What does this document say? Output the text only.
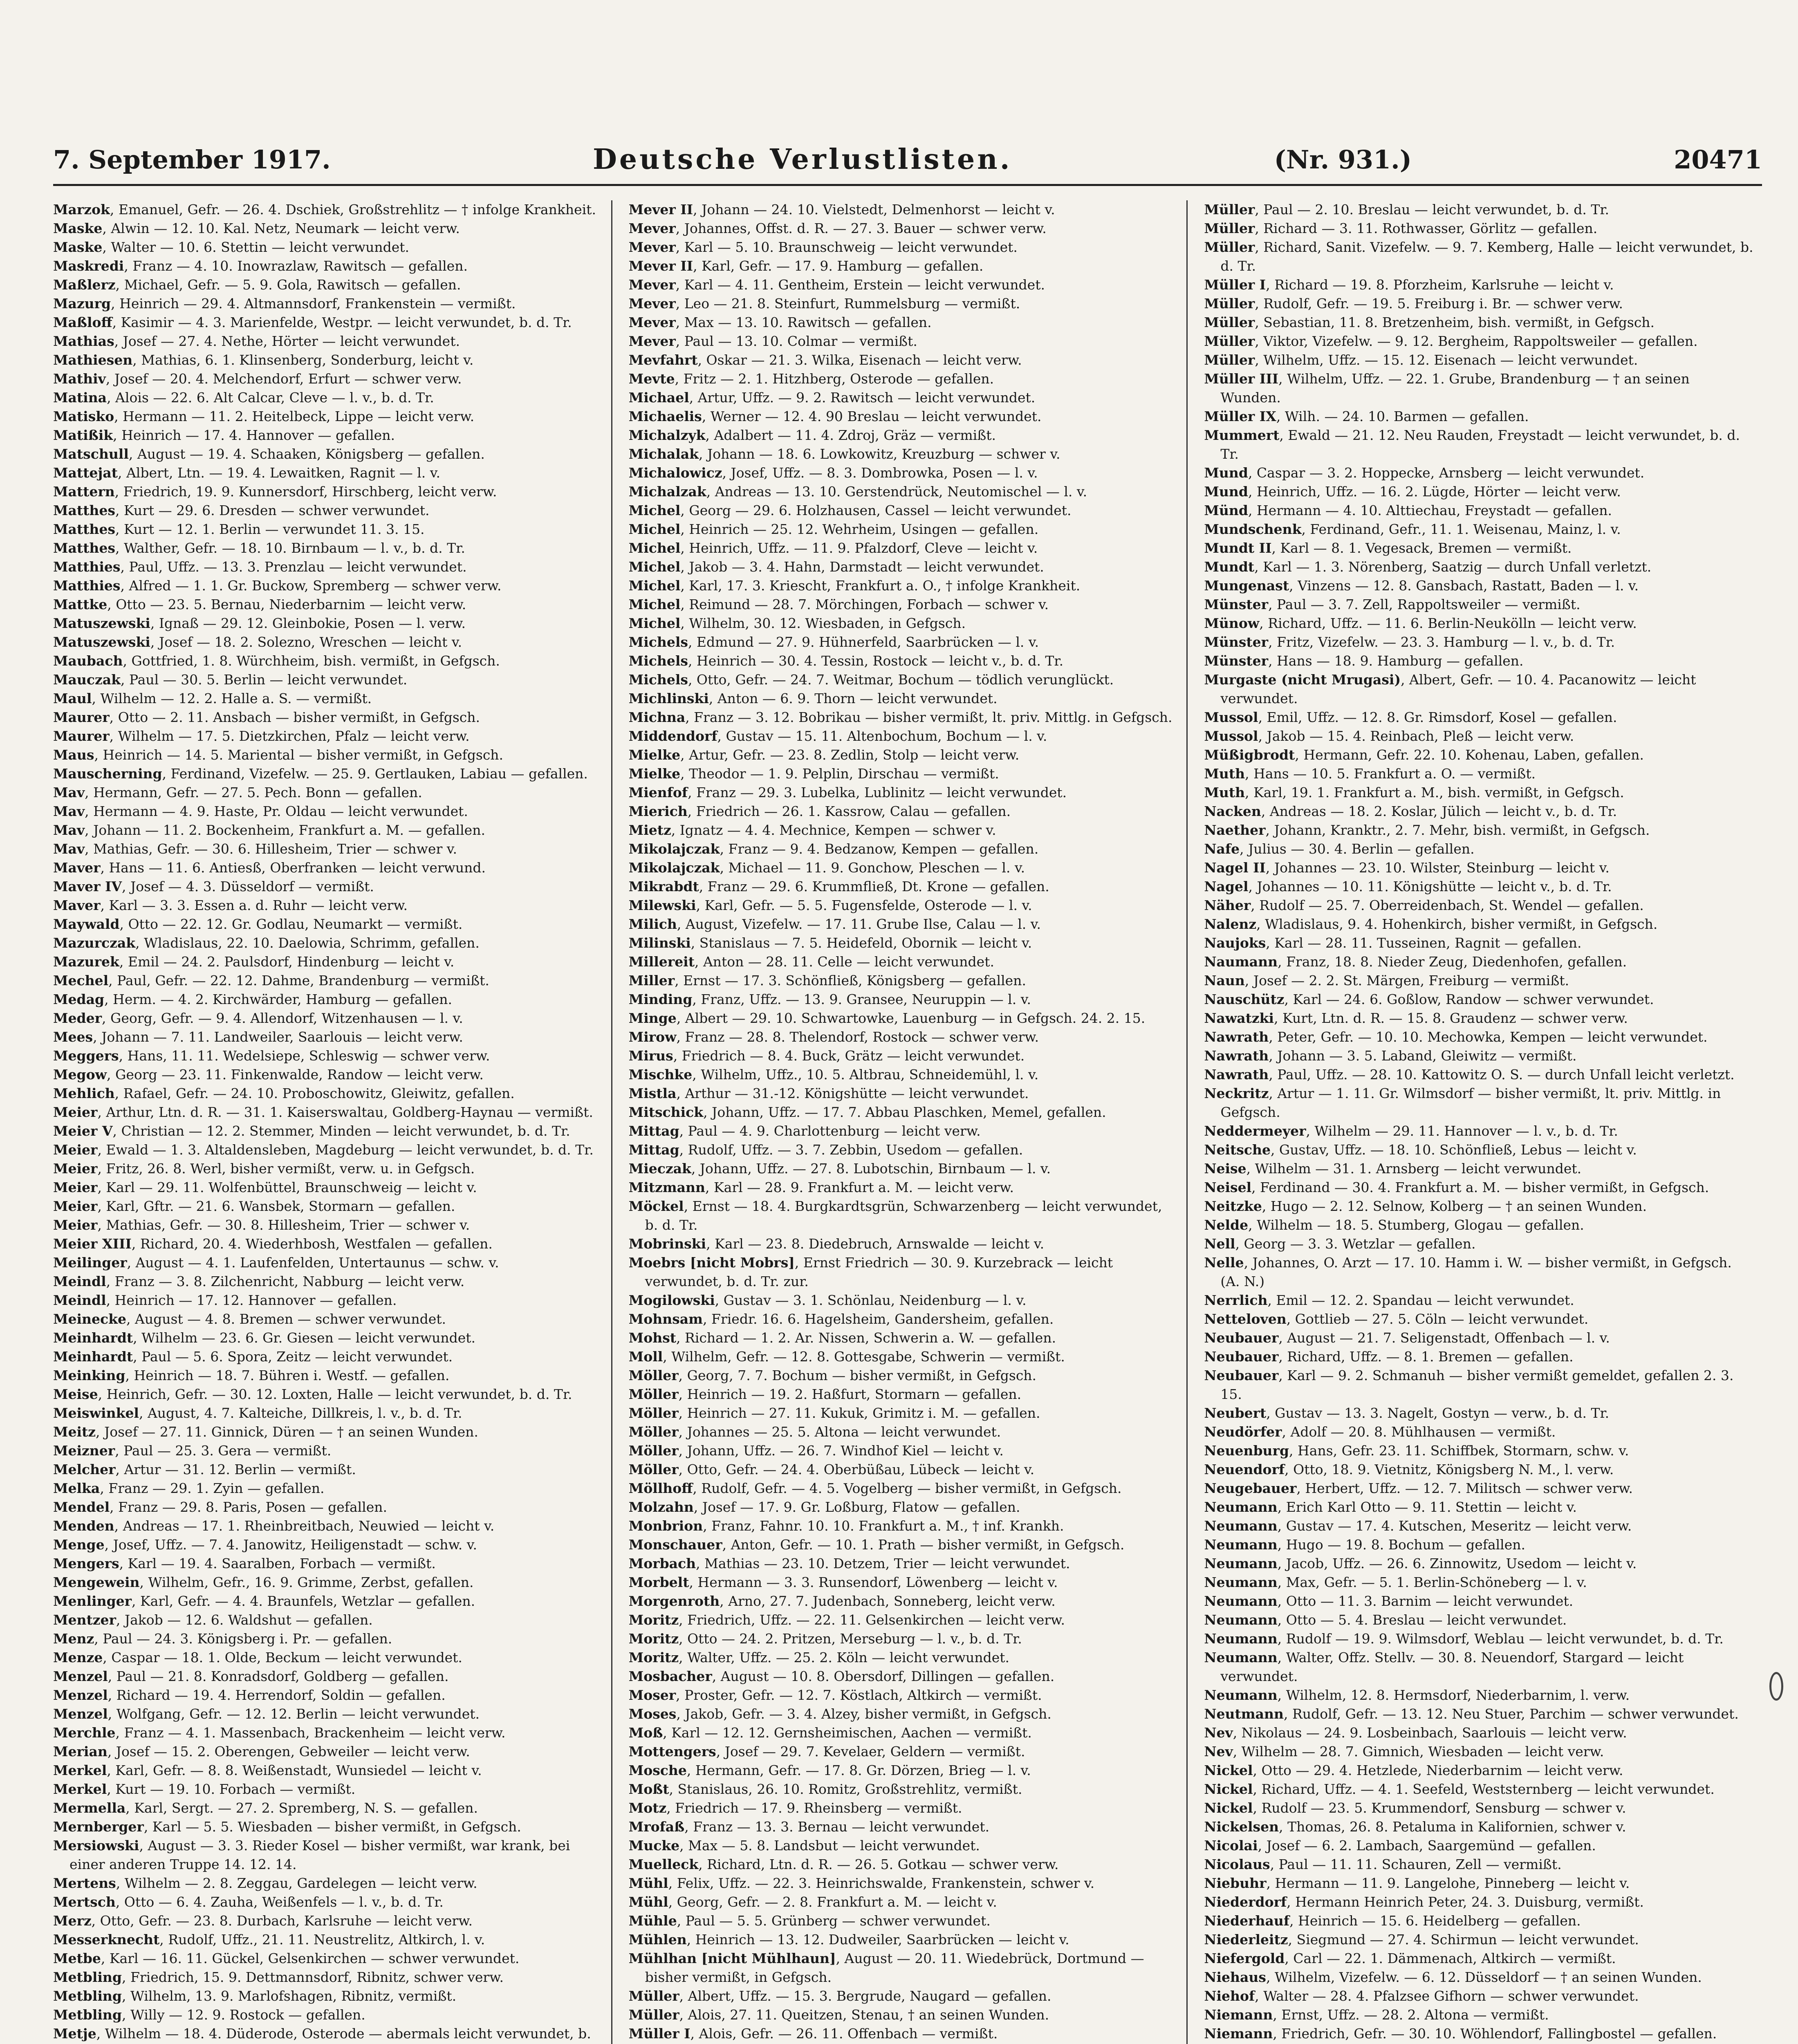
7. September 1917.	Deutsche Verlustlisten.	(Nr. 931.)	20471
Marzok, Emanuel, Gefr. — 26. 4. Dschiek, Großstrehlitz — † infolge Krankheit.
Maske, Alwin — 12. 10. Kal. Netz, Neumark — leicht verw.
Maske, Walter — 10. 6. Stettin — leicht verwundet.
Maskredi, Franz — 4. 10. Inowrazlaw, Rawitsch — gefallen.
Maßlerz, Michael, Gefr. — 5. 9. Gola, Rawitsch — gefallen.
Mazurg, Heinrich — 29. 4. Altmannsdorf, Frankenstein — vermißt.
Maßloff, Kasimir — 4. 3. Marienfelde, Westpr. — leicht verwundet, b. d. Tr.
Mathias, Josef — 27. 4. Nethe, Hörter — leicht verwundet.
Mathiesen, Mathias, 6. 1. Klinsenberg, Sonderburg, leicht v.
Mathiv, Josef — 20. 4. Melchendorf, Erfurt — schwer verw.
Matina, Alois — 22. 6. Alt Calcar, Cleve — l. v., b. d. Tr.
Matisko, Hermann — 11. 2. Heitelbeck, Lippe — leicht verw.
Matißik, Heinrich — 17. 4. Hannover — gefallen.
Matschull, August — 19. 4. Schaaken, Königsberg — gefallen.
Mattejat, Albert, Ltn. — 19. 4. Lewaitken, Ragnit — l. v.
Mattern, Friedrich, 19. 9. Kunnersdorf, Hirschberg, leicht verw.
Matthes, Kurt — 29. 6. Dresden — schwer verwundet.
Matthes, Kurt — 12. 1. Berlin — verwundet 11. 3. 15.
Matthes, Walther, Gefr. — 18. 10. Birnbaum — l. v., b. d. Tr.
Matthies, Paul, Uffz. — 13. 3. Prenzlau — leicht verwundet.
Matthies, Alfred — 1. 1. Gr. Buckow, Spremberg — schwer verw.
Mattke, Otto — 23. 5. Bernau, Niederbarnim — leicht verw.
Matuszewski, Ignaß — 29. 12. Gleinbokie, Posen — l. verw.
Matuszewski, Josef — 18. 2. Solezno, Wreschen — leicht v.
Maubach, Gottfried, 1. 8. Würchheim, bish. vermißt, in Gefgsch.
Mauczak, Paul — 30. 5. Berlin — leicht verwundet.
Maul, Wilhelm — 12. 2. Halle a. S. — vermißt.
Maurer, Otto — 2. 11. Ansbach — bisher vermißt, in Gefgsch.
Maurer, Wilhelm — 17. 5. Dietzkirchen, Pfalz — leicht verw.
Maus, Heinrich — 14. 5. Mariental — bisher vermißt, in Gefgsch.
Mauscherning, Ferdinand, Vizefelw. — 25. 9. Gertlauken, Labiau — gefallen.
Mav, Hermann, Gefr. — 27. 5. Pech. Bonn — gefallen.
Mav, Hermann — 4. 9. Haste, Pr. Oldau — leicht verwundet.
Mav, Johann — 11. 2. Bockenheim, Frankfurt a. M. — gefallen.
Mav, Mathias, Gefr. — 30. 6. Hillesheim, Trier — schwer v.
Maver, Hans — 11. 6. Antiesß, Oberfranken — leicht verwund.
Maver IV, Josef — 4. 3. Düsseldorf — vermißt.
Maver, Karl — 3. 3. Essen a. d. Ruhr — leicht verw.
Maywald, Otto — 22. 12. Gr. Godlau, Neumarkt — vermißt.
Mazurczak, Wladislaus, 22. 10. Daelowia, Schrimm, gefallen.
Mazurek, Emil — 24. 2. Paulsdorf, Hindenburg — leicht v.
Mechel, Paul, Gefr. — 22. 12. Dahme, Brandenburg — vermißt.
Medag, Herm. — 4. 2. Kirchwärder, Hamburg — gefallen.
Meder, Georg, Gefr. — 9. 4. Allendorf, Witzenhausen — l. v.
Mees, Johann — 7. 11. Landweiler, Saarlouis — leicht verw.
Meggers, Hans, 11. 11. Wedelsiepe, Schleswig — schwer verw.
Megow, Georg — 23. 11. Finkenwalde, Randow — leicht verw.
Mehlich, Rafael, Gefr. — 24. 10. Proboschowitz, Gleiwitz, gefallen.
Meier, Arthur, Ltn. d. R. — 31. 1. Kaiserswaltau, Goldberg-Haynau — vermißt.
Meier V, Christian — 12. 2. Stemmer, Minden — leicht verwundet, b. d. Tr.
Meier, Ewald — 1. 3. Altaldensleben, Magdeburg — leicht verwundet, b. d. Tr.
Meier, Fritz, 26. 8. Werl, bisher vermißt, verw. u. in Gefgsch.
Meier, Karl — 29. 11. Wolfenbüttel, Braunschweig — leicht v.
Meier, Karl, Gftr. — 21. 6. Wansbek, Stormarn — gefallen.
Meier, Mathias, Gefr. — 30. 8. Hillesheim, Trier — schwer v.
Meier XIII, Richard, 20. 4. Wiederhbosh, Westfalen — gefallen.
Meilinger, August — 4. 1. Laufenfelden, Untertaunus — schw. v.
Meindl, Franz — 3. 8. Zilchenricht, Nabburg — leicht verw.
Meindl, Heinrich — 17. 12. Hannover — gefallen.
Meinecke, August — 4. 8. Bremen — schwer verwundet.
Meinhardt, Wilhelm — 23. 6. Gr. Giesen — leicht verwundet.
Meinhardt, Paul — 5. 6. Spora, Zeitz — leicht verwundet.
Meinking, Heinrich — 18. 7. Bühren i. Westf. — gefallen.
Meise, Heinrich, Gefr. — 30. 12. Loxten, Halle — leicht verwundet, b. d. Tr.
Meiswinkel, August, 4. 7. Kalteiche, Dillkreis, l. v., b. d. Tr.
Meitz, Josef — 27. 11. Ginnick, Düren — † an seinen Wunden.
Meizner, Paul — 25. 3. Gera — vermißt.
Melcher, Artur — 31. 12. Berlin — vermißt.
Melka, Franz — 29. 1. Zyin — gefallen.
Mendel, Franz — 29. 8. Paris, Posen — gefallen.
Menden, Andreas — 17. 1. Rheinbreitbach, Neuwied — leicht v.
Menge, Josef, Uffz. — 7. 4. Janowitz, Heiligenstadt — schw. v.
Mengers, Karl — 19. 4. Saaralben, Forbach — vermißt.
Mengewein, Wilhelm, Gefr., 16. 9. Grimme, Zerbst, gefallen.
Menlinger, Karl, Gefr. — 4. 4. Braunfels, Wetzlar — gefallen.
Mentzer, Jakob — 12. 6. Waldshut — gefallen.
Menz, Paul — 24. 3. Königsberg i. Pr. — gefallen.
Menze, Caspar — 18. 1. Olde, Beckum — leicht verwundet.
Menzel, Paul — 21. 8. Konradsdorf, Goldberg — gefallen.
Menzel, Richard — 19. 4. Herrendorf, Soldin — gefallen.
Menzel, Wolfgang, Gefr. — 12. 12. Berlin — leicht verwundet.
Merchle, Franz — 4. 1. Massenbach, Brackenheim — leicht verw.
Merian, Josef — 15. 2. Oberengen, Gebweiler — leicht verw.
Merkel, Karl, Gefr. — 8. 8. Weißenstadt, Wunsiedel — leicht v.
Merkel, Kurt — 19. 10. Forbach — vermißt.
Mermella, Karl, Sergt. — 27. 2. Spremberg, N. S. — gefallen.
Mernberger, Karl — 5. 5. Wiesbaden — bisher vermißt, in Gefgsch.
Mersiowski, August — 3. 3. Rieder Kosel — bisher vermißt, war krank, bei einer anderen Truppe 14. 12. 14.
Mertens, Wilhelm — 2. 8. Zeggau, Gardelegen — leicht verw.
Mertsch, Otto — 6. 4. Zauha, Weißenfels — l. v., b. d. Tr.
Merz, Otto, Gefr. — 23. 8. Durbach, Karlsruhe — leicht verw.
Messerknecht, Rudolf, Uffz., 21. 11. Neustrelitz, Altkirch, l. v.
Metbe, Karl — 16. 11. Gückel, Gelsenkirchen — schwer verwundet.
Metbling, Friedrich, 15. 9. Dettmannsdorf, Ribnitz, schwer verw.
Metbling, Wilhelm, 13. 9. Marlofshagen, Ribnitz, vermißt.
Metbling, Willy — 12. 9. Rostock — gefallen.
Metje, Wilhelm — 18. 4. Düderode, Osterode — abermals leicht verwundet, b.
Mever II, Johann — 24. 10. Vielstedt, Delmenhorst — leicht v.
Mever, Johannes, Offst. d. R. — 27. 3. Bauer — schwer verw.
Mever, Karl — 5. 10. Braunschweig — leicht verwundet.
Mever II, Karl, Gefr. — 17. 9. Hamburg — gefallen.
Mever, Karl — 4. 11. Gentheim, Erstein — leicht verwundet.
Mever, Leo — 21. 8. Steinfurt, Rummelsburg — vermißt.
Mever, Max — 13. 10. Rawitsch — gefallen.
Mever, Paul — 13. 10. Colmar — vermißt.
Mevfahrt, Oskar — 21. 3. Wilka, Eisenach — leicht verw.
Mevte, Fritz — 2. 1. Hitzhberg, Osterode — gefallen.
Michael, Artur, Uffz. — 9. 2. Rawitsch — leicht verwundet.
Michaelis, Werner — 12. 4. 90 Breslau — leicht verwundet.
Michalzyk, Adalbert — 11. 4. Zdroj, Gräz — vermißt.
Michalak, Johann — 18. 6. Lowkowitz, Kreuzburg — schwer v.
Michalowicz, Josef, Uffz. — 8. 3. Dombrowka, Posen — l. v.
Michalzak, Andreas — 13. 10. Gerstendrück, Neutomischel — l. v.
Michel, Georg — 29. 6. Holzhausen, Cassel — leicht verwundet.
Michel, Heinrich — 25. 12. Wehrheim, Usingen — gefallen.
Michel, Heinrich, Uffz. — 11. 9. Pfalzdorf, Cleve — leicht v.
Michel, Jakob — 3. 4. Hahn, Darmstadt — leicht verwundet.
Michel, Karl, 17. 3. Kriescht, Frankfurt a. O., † infolge Krankheit.
Michel, Reimund — 28. 7. Mörchingen, Forbach — schwer v.
Michel, Wilhelm, 30. 12. Wiesbaden, in Gefgsch.
Michels, Edmund — 27. 9. Hühnerfeld, Saarbrücken — l. v.
Michels, Heinrich — 30. 4. Tessin, Rostock — leicht v., b. d. Tr.
Michels, Otto, Gefr. — 24. 7. Weitmar, Bochum — tödlich verunglückt.
Michlinski, Anton — 6. 9. Thorn — leicht verwundet.
Michna, Franz — 3. 12. Bobrikau — bisher vermißt, lt. priv. Mittlg. in Gefgsch.
Middendorf, Gustav — 15. 11. Altenbochum, Bochum — l. v.
Mielke, Artur, Gefr. — 23. 8. Zedlin, Stolp — leicht verw.
Mielke, Theodor — 1. 9. Pelplin, Dirschau — vermißt.
Mienfof, Franz — 29. 3. Lubelka, Lublinitz — leicht verwundet.
Mierich, Friedrich — 26. 1. Kassrow, Calau — gefallen.
Mietz, Ignatz — 4. 4. Mechnice, Kempen — schwer v.
Mikolajczak, Franz — 9. 4. Bedzanow, Kempen — gefallen.
Mikolajczak, Michael — 11. 9. Gonchow, Pleschen — l. v.
Mikrabdt, Franz — 29. 6. Krummfließ, Dt. Krone — gefallen.
Milewski, Karl, Gefr. — 5. 5. Fugensfelde, Osterode — l. v.
Milich, August, Vizefelw. — 17. 11. Grube Ilse, Calau — l. v.
Milinski, Stanislaus — 7. 5. Heidefeld, Obornik — leicht v.
Millereit, Anton — 28. 11. Celle — leicht verwundet.
Miller, Ernst — 17. 3. Schönfließ, Königsberg — gefallen.
Minding, Franz, Uffz. — 13. 9. Gransee, Neuruppin — l. v.
Minge, Albert — 29. 10. Schwartowke, Lauenburg — in Gefgsch. 24. 2. 15.
Mirow, Franz — 28. 8. Thelendorf, Rostock — schwer verw.
Mirus, Friedrich — 8. 4. Buck, Grätz — leicht verwundet.
Mischke, Wilhelm, Uffz., 10. 5. Altbrau, Schneidemühl, l. v.
Mistla, Arthur — 31.-12. Königshütte — leicht verwundet.
Mitschick, Johann, Uffz. — 17. 7. Abbau Plaschken, Memel, gefallen.
Mittag, Paul — 4. 9. Charlottenburg — leicht verw.
Mittag, Rudolf, Uffz. — 3. 7. Zebbin, Usedom — gefallen.
Mieczak, Johann, Uffz. — 27. 8. Lubotschin, Birnbaum — l. v.
Mitzmann, Karl — 28. 9. Frankfurt a. M. — leicht verw.
Möckel, Ernst — 18. 4. Burgkardtsgrün, Schwarzenberg — leicht verwundet, b. d. Tr.
Mobrinski, Karl — 23. 8. Diedebruch, Arnswalde — leicht v.
Moebrs [nicht Mobrs], Ernst Friedrich — 30. 9. Kurzebrack — leicht verwundet, b. d. Tr. zur.
Mogilowski, Gustav — 3. 1. Schönlau, Neidenburg — l. v.
Mohnsam, Friedr. 16. 6. Hagelsheim, Gandersheim, gefallen.
Mohst, Richard — 1. 2. Ar. Nissen, Schwerin a. W. — gefallen.
Moll, Wilhelm, Gefr. — 12. 8. Gottesgabe, Schwerin — vermißt.
Möller, Georg, 7. 7. Bochum — bisher vermißt, in Gefgsch.
Möller, Heinrich — 19. 2. Haßfurt, Stormarn — gefallen.
Möller, Heinrich — 27. 11. Kukuk, Grimitz i. M. — gefallen.
Möller, Johannes — 25. 5. Altona — leicht verwundet.
Möller, Johann, Uffz. — 26. 7. Windhof Kiel — leicht v.
Möller, Otto, Gefr. — 24. 4. Oberbüßau, Lübeck — leicht v.
Möllhoff, Rudolf, Gefr. — 4. 5. Vogelberg — bisher vermißt, in Gefgsch.
Molzahn, Josef — 17. 9. Gr. Loßburg, Flatow — gefallen.
Monbrion, Franz, Fahnr. 10. 10. Frankfurt a. M., † inf. Krankh.
Monschauer, Anton, Gefr. — 10. 1. Prath — bisher vermißt, in Gefgsch.
Morbach, Mathias — 23. 10. Detzem, Trier — leicht verwundet.
Morbelt, Hermann — 3. 3. Runsendorf, Löwenberg — leicht v.
Morgenroth, Arno, 27. 7. Judenbach, Sonneberg, leicht verw.
Moritz, Friedrich, Uffz. — 22. 11. Gelsenkirchen — leicht verw.
Moritz, Otto — 24. 2. Pritzen, Merseburg — l. v., b. d. Tr.
Moritz, Walter, Uffz. — 25. 2. Köln — leicht verwundet.
Mosbacher, August — 10. 8. Obersdorf, Dillingen — gefallen.
Moser, Proster, Gefr. — 12. 7. Köstlach, Altkirch — vermißt.
Moses, Jakob, Gefr. — 3. 4. Alzey, bisher vermißt, in Gefgsch.
Moß, Karl — 12. 12. Gernsheimischen, Aachen — vermißt.
Mottengers, Josef — 29. 7. Kevelaer, Geldern — vermißt.
Mosche, Hermann, Gefr. — 17. 8. Gr. Dörzen, Brieg — l. v.
Moßt, Stanislaus, 26. 10. Romitz, Großstrehlitz, vermißt.
Motz, Friedrich — 17. 9. Rheinsberg — vermißt.
Mrofaß, Franz — 13. 3. Bernau — leicht verwundet.
Mucke, Max — 5. 8. Landsbut — leicht verwundet.
Muelleck, Richard, Ltn. d. R. — 26. 5. Gotkau — schwer verw.
Mühl, Felix, Uffz. — 22. 3. Heinrichswalde, Frankenstein, schwer v.
Mühl, Georg, Gefr. — 2. 8. Frankfurt a. M. — leicht v.
Mühle, Paul — 5. 5. Grünberg — schwer verwundet.
Mühlen, Heinrich — 13. 12. Dudweiler, Saarbrücken — leicht v.
Mühlhan [nicht Mühlhaun], August — 20. 11. Wiedebrück, Dortmund — bisher vermißt, in Gefgsch.
Müller, Albert, Uffz. — 15. 3. Bergrude, Naugard — gefallen.
Müller, Alois, 27. 11. Queitzen, Stenau, † an seinen Wunden.
Müller I, Alois, Gefr. — 26. 11. Offenbach — vermißt.
Müller, Paul — 2. 10. Breslau — leicht verwundet, b. d. Tr.
Müller, Richard — 3. 11. Rothwasser, Görlitz — gefallen.
Müller, Richard, Sanit. Vizefelw. — 9. 7. Kemberg, Halle — leicht verwundet, b. d. Tr.
Müller I, Richard — 19. 8. Pforzheim, Karlsruhe — leicht v.
Müller, Rudolf, Gefr. — 19. 5. Freiburg i. Br. — schwer verw.
Müller, Sebastian, 11. 8. Bretzenheim, bish. vermißt, in Gefgsch.
Müller, Viktor, Vizefelw. — 9. 12. Bergheim, Rappoltsweiler — gefallen.
Müller, Wilhelm, Uffz. — 15. 12. Eisenach — leicht verwundet.
Müller III, Wilhelm, Uffz. — 22. 1. Grube, Brandenburg — † an seinen Wunden.
Müller IX, Wilh. — 24. 10. Barmen — gefallen.
Mummert, Ewald — 21. 12. Neu Rauden, Freystadt — leicht verwundet, b. d. Tr.
Mund, Caspar — 3. 2. Hoppecke, Arnsberg — leicht verwundet.
Mund, Heinrich, Uffz. — 16. 2. Lügde, Hörter — leicht verw.
Münd, Hermann — 4. 10. Alttiechau, Freystadt — gefallen.
Mundschenk, Ferdinand, Gefr., 11. 1. Weisenau, Mainz, l. v.
Mundt II, Karl — 8. 1. Vegesack, Bremen — vermißt.
Mundt, Karl — 1. 3. Nörenberg, Saatzig — durch Unfall verletzt.
Mungenast, Vinzens — 12. 8. Gansbach, Rastatt, Baden — l. v.
Münster, Paul — 3. 7. Zell, Rappoltsweiler — vermißt.
Münow, Richard, Uffz. — 11. 6. Berlin-Neukölln — leicht verw.
Münster, Fritz, Vizefelw. — 23. 3. Hamburg — l. v., b. d. Tr.
Münster, Hans — 18. 9. Hamburg — gefallen.
Murgaste (nicht Mrugasi), Albert, Gefr. — 10. 4. Pacanowitz — leicht verwundet.
Mussol, Emil, Uffz. — 12. 8. Gr. Rimsdorf, Kosel — gefallen.
Mussol, Jakob — 15. 4. Reinbach, Pleß — leicht verw.
Müßigbrodt, Hermann, Gefr. 22. 10. Kohenau, Laben, gefallen.
Muth, Hans — 10. 5. Frankfurt a. O. — vermißt.
Muth, Karl, 19. 1. Frankfurt a. M., bish. vermißt, in Gefgsch.
Nacken, Andreas — 18. 2. Koslar, Jülich — leicht v., b. d. Tr.
Naether, Johann, Kranktr., 2. 7. Mehr, bish. vermißt, in Gefgsch.
Nafe, Julius — 30. 4. Berlin — gefallen.
Nagel II, Johannes — 23. 10. Wilster, Steinburg — leicht v.
Nagel, Johannes — 10. 11. Königshütte — leicht v., b. d. Tr.
Näher, Rudolf — 25. 7. Oberreidenbach, St. Wendel — gefallen.
Nalenz, Wladislaus, 9. 4. Hohenkirch, bisher vermißt, in Gefgsch.
Naujoks, Karl — 28. 11. Tusseinen, Ragnit — gefallen.
Naumann, Franz, 18. 8. Nieder Zeug, Diedenhofen, gefallen.
Naun, Josef — 2. 2. St. Märgen, Freiburg — vermißt.
Nauschütz, Karl — 24. 6. Goßlow, Randow — schwer verwundet.
Nawatzki, Kurt, Ltn. d. R. — 15. 8. Graudenz — schwer verw.
Nawrath, Peter, Gefr. — 10. 10. Mechowka, Kempen — leicht verwundet.
Nawrath, Johann — 3. 5. Laband, Gleiwitz — vermißt.
Nawrath, Paul, Uffz. — 28. 10. Kattowitz O. S. — durch Unfall leicht verletzt.
Neckritz, Artur — 1. 11. Gr. Wilmsdorf — bisher vermißt, lt. priv. Mittlg. in Gefgsch.
Neddermeyer, Wilhelm — 29. 11. Hannover — l. v., b. d. Tr.
Neitsche, Gustav, Uffz. — 18. 10. Schönfließ, Lebus — leicht v.
Neise, Wilhelm — 31. 1. Arnsberg — leicht verwundet.
Neisel, Ferdinand — 30. 4. Frankfurt a. M. — bisher vermißt, in Gefgsch.
Neitzke, Hugo — 2. 12. Selnow, Kolberg — † an seinen Wunden.
Nelde, Wilhelm — 18. 5. Stumberg, Glogau — gefallen.
Nell, Georg — 3. 3. Wetzlar — gefallen.
Nelle, Johannes, O. Arzt — 17. 10. Hamm i. W. — bisher vermißt, in Gefgsch. (A. N.)
Nerrlich, Emil — 12. 2. Spandau — leicht verwundet.
Netteloven, Gottlieb — 27. 5. Cöln — leicht verwundet.
Neubauer, August — 21. 7. Seligenstadt, Offenbach — l. v.
Neubauer, Richard, Uffz. — 8. 1. Bremen — gefallen.
Neubauer, Karl — 9. 2. Schmanuh — bisher vermißt gemeldet, gefallen 2. 3. 15.
Neubert, Gustav — 13. 3. Nagelt, Gostyn — verw., b. d. Tr.
Neudörfer, Adolf — 20. 8. Mühlhausen — vermißt.
Neuenburg, Hans, Gefr. 23. 11. Schiffbek, Stormarn, schw. v.
Neuendorf, Otto, 18. 9. Vietnitz, Königsberg N. M., l. verw.
Neugebauer, Herbert, Uffz. — 12. 7. Militsch — schwer verw.
Neumann, Erich Karl Otto — 9. 11. Stettin — leicht v.
Neumann, Gustav — 17. 4. Kutschen, Meseritz — leicht verw.
Neumann, Hugo — 19. 8. Bochum — gefallen.
Neumann, Jacob, Uffz. — 26. 6. Zinnowitz, Usedom — leicht v.
Neumann, Max, Gefr. — 5. 1. Berlin-Schöneberg — l. v.
Neumann, Otto — 11. 3. Barnim — leicht verwundet.
Neumann, Otto — 5. 4. Breslau — leicht verwundet.
Neumann, Rudolf — 19. 9. Wilmsdorf, Weblau — leicht verwundet, b. d. Tr.
Neumann, Walter, Offz. Stellv. — 30. 8. Neuendorf, Stargard — leicht verwundet.
Neumann, Wilhelm, 12. 8. Hermsdorf, Niederbarnim, l. verw.
Neutmann, Rudolf, Gefr. — 13. 12. Neu Stuer, Parchim — schwer verwundet.
Nev, Nikolaus — 24. 9. Losbeinbach, Saarlouis — leicht verw.
Nev, Wilhelm — 28. 7. Gimnich, Wiesbaden — leicht verw.
Nickel, Otto — 29. 4. Hetzlede, Niederbarnim — leicht verw.
Nickel, Richard, Uffz. — 4. 1. Seefeld, Weststernberg — leicht verwundet.
Nickel, Rudolf — 23. 5. Krummendorf, Sensburg — schwer v.
Nickelsen, Thomas, 26. 8. Petaluma in Kalifornien, schwer v.
Nicolai, Josef — 6. 2. Lambach, Saargemünd — gefallen.
Nicolaus, Paul — 11. 11. Schauren, Zell — vermißt.
Niebuhr, Hermann — 11. 9. Langelohe, Pinneberg — leicht v.
Niederdorf, Hermann Heinrich Peter, 24. 3. Duisburg, vermißt.
Niederhauf, Heinrich — 15. 6. Heidelberg — gefallen.
Niederleitz, Siegmund — 27. 4. Schirmun — leicht verwundet.
Niefergold, Carl — 22. 1. Dämmenach, Altkirch — vermißt.
Niehaus, Wilhelm, Vizefelw. — 6. 12. Düsseldorf — † an seinen Wunden.
Niehof, Walter — 28. 4. Pfalzsee Gifhorn — schwer verwundet.
Niemann, Ernst, Uffz. — 28. 2. Altona — vermißt.
Niemann, Friedrich, Gefr. — 30. 10. Wöhlendorf, Fallingbostel — gefallen.
